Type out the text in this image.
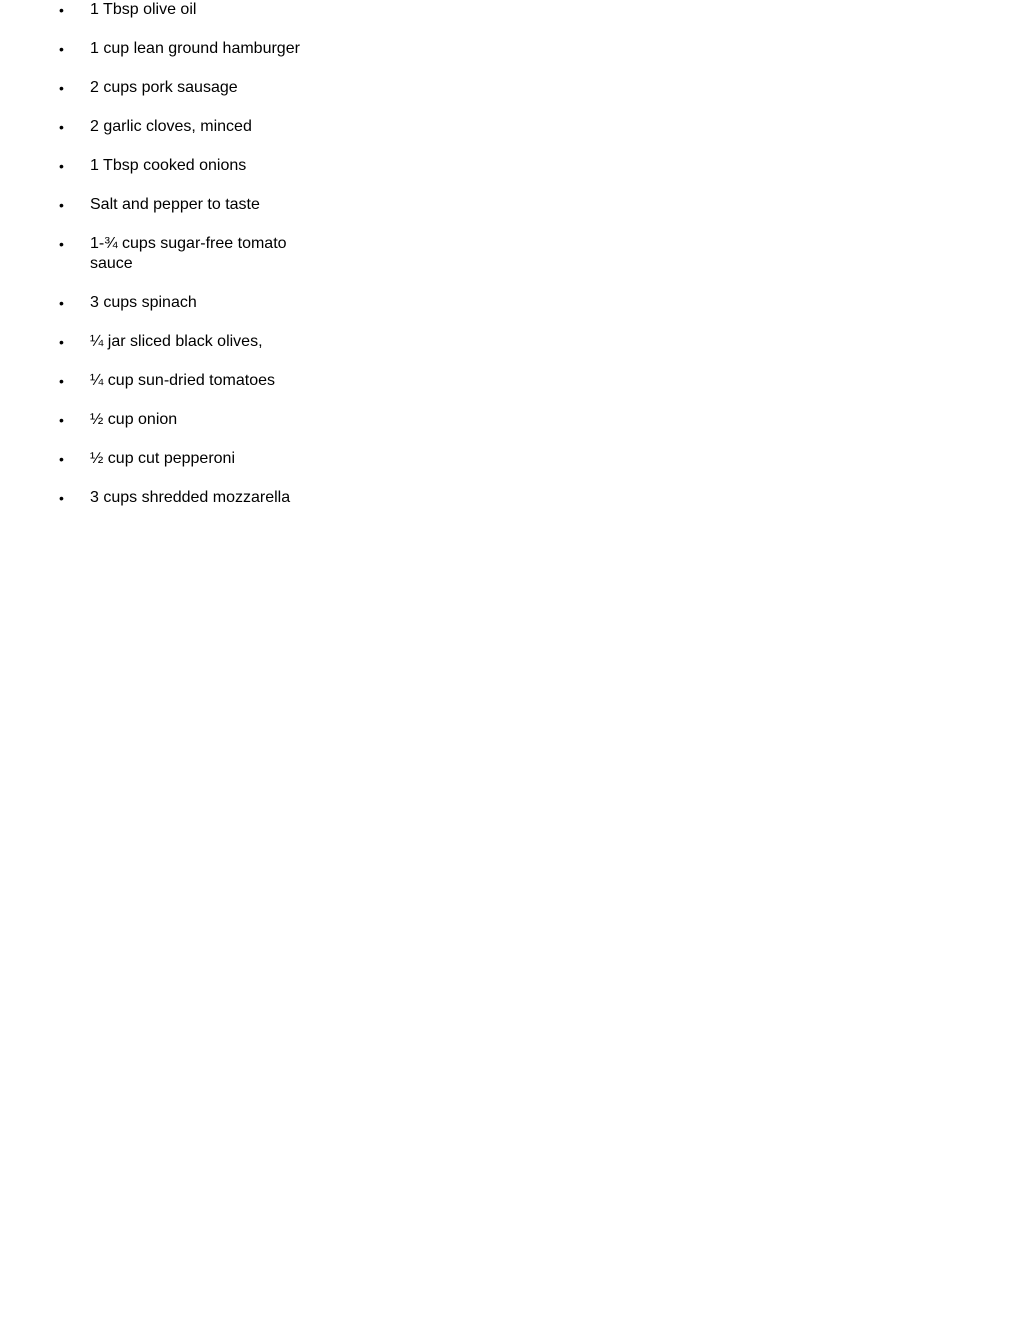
•	1 Tbsp olive oil
•	1 cup lean ground hamburger
•	2 cups pork sausage
•	2 garlic cloves, minced
•	1 Tbsp cooked onions
•	Salt and pepper to taste
•	1-¾ cups sugar-free tomato sauce
•	3 cups spinach
•	¼ jar sliced black olives,
•	¼ cup sun-dried tomatoes
•	½ cup onion
•	½ cup cut pepperoni
•	3 cups shredded mozzarella
